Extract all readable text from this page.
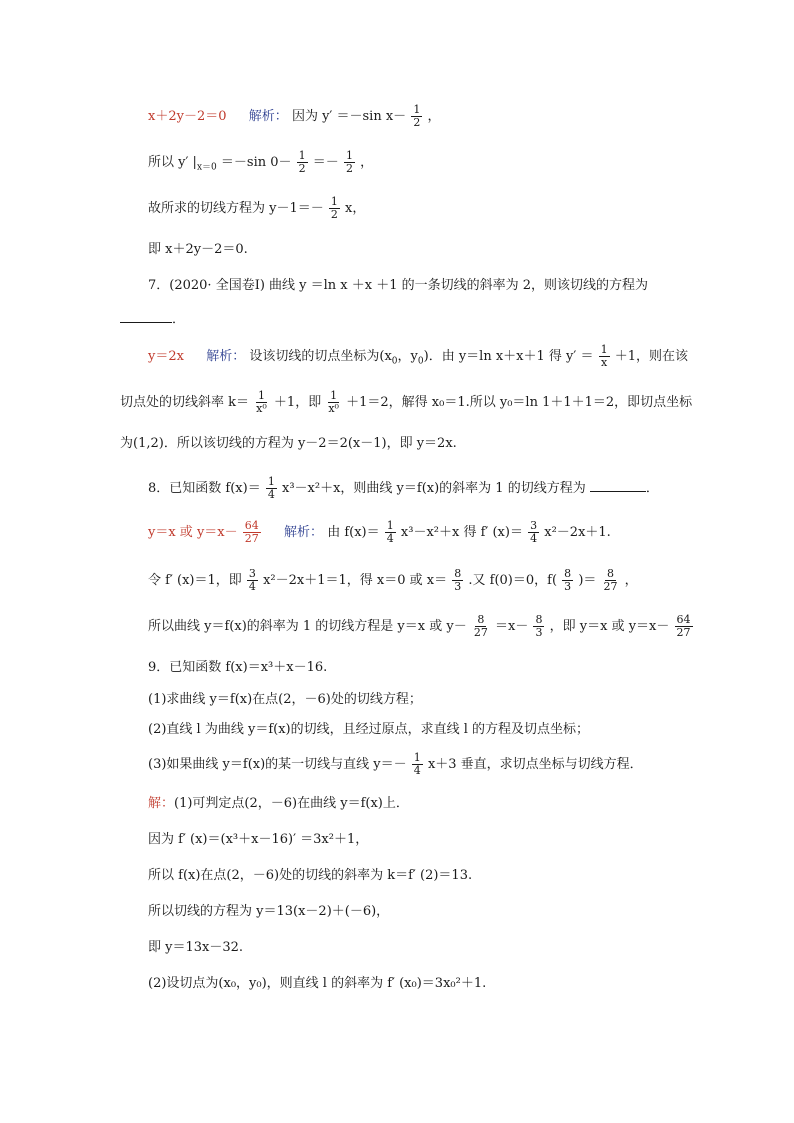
x＋2y－2＝0 解析： 因为 y′ ＝－sin $x- \frac{1}{2}$ ，
所以 y′ $|_{x=0} =-\sin$ $0- \frac{1}{2} =- \frac{1}{2}$ ，
故所求的切线方程为 $y-1=- \frac{1}{2}$ x，
即 x＋2y－2＝0.
7．(2020· 全国卷Ⅰ) 曲线 y ＝ln x ＋x ＋1 的一条切线的斜率为 2，则该切线的方程为
．
y＝2x 解析： 设该切线的切点坐标为($x_0$，$y_0$)．由 y＝ln x＋x＋1 得 $y' = \frac{1}{x} +1$，则在该
切点处的切线斜率 $k= \frac{1}{\text{x⁰}} +1$，即 $\frac{1}{\text{x⁰}} +1=2$，解得 x₀＝1.所以 y₀＝ln 1＋1＋1＝2，即切点坐标
为(1,2)．所以该切线的方程为 y－2＝2(x－1)，即 y＝2x.
8．已知函数 $f(x)= \frac{1}{4} x^3-x^2+x$，则曲线 y＝f(x)的斜率为 1 的切线方程为	．
y＝x 或 $y=x- \frac{64}{27}$ 解析： 由 $f(x)= \frac{1}{4} x^3-x^2+x$ 得 f′ $(x)= \frac{3}{4} x^2-2x+1$.
令 f′ (x)＝1，即 $\frac{3}{4} x^2-2x+1=1$，得 x＝0 或 $x= \frac{8}{3}$ .又 f(0)＝0，$f( \frac{8}{3}$ )＝ $\frac{8}{27}$ ，
所以曲线 y＝f(x)的斜率为 1 的切线方程是 y＝x 或 $y- \frac{8}{27} =x- \frac{8}{3}$ ，即 y＝x 或 $y=x- \frac{64}{27}$
9．已知函数 f(x)＝x³＋x－16.
(1)求曲线 y＝f(x)在点(2，－6)处的切线方程；
(2)直线 l 为曲线 y＝f(x)的切线，且经过原点，求直线 l 的方程及切点坐标；
(3)如果曲线 y＝f(x)的某一切线与直线 $y=- \frac{1}{4} x+3$ 垂直，求切点坐标与切线方程．
解：(1)可判定点(2，－6)在曲线 y＝f(x)上．
因为 f′ (x)＝(x³＋x－16)′ ＝3x²＋1，
所以 f(x)在点(2，－6)处的切线的斜率为 k＝f′ (2)＝13.
所以切线的方程为 y＝13(x－2)＋(－6)，
即 y＝13x－32.
(2)设切点为(x₀，y₀)，则直线 l 的斜率为 f′ (x₀)＝3x₀²＋1.
